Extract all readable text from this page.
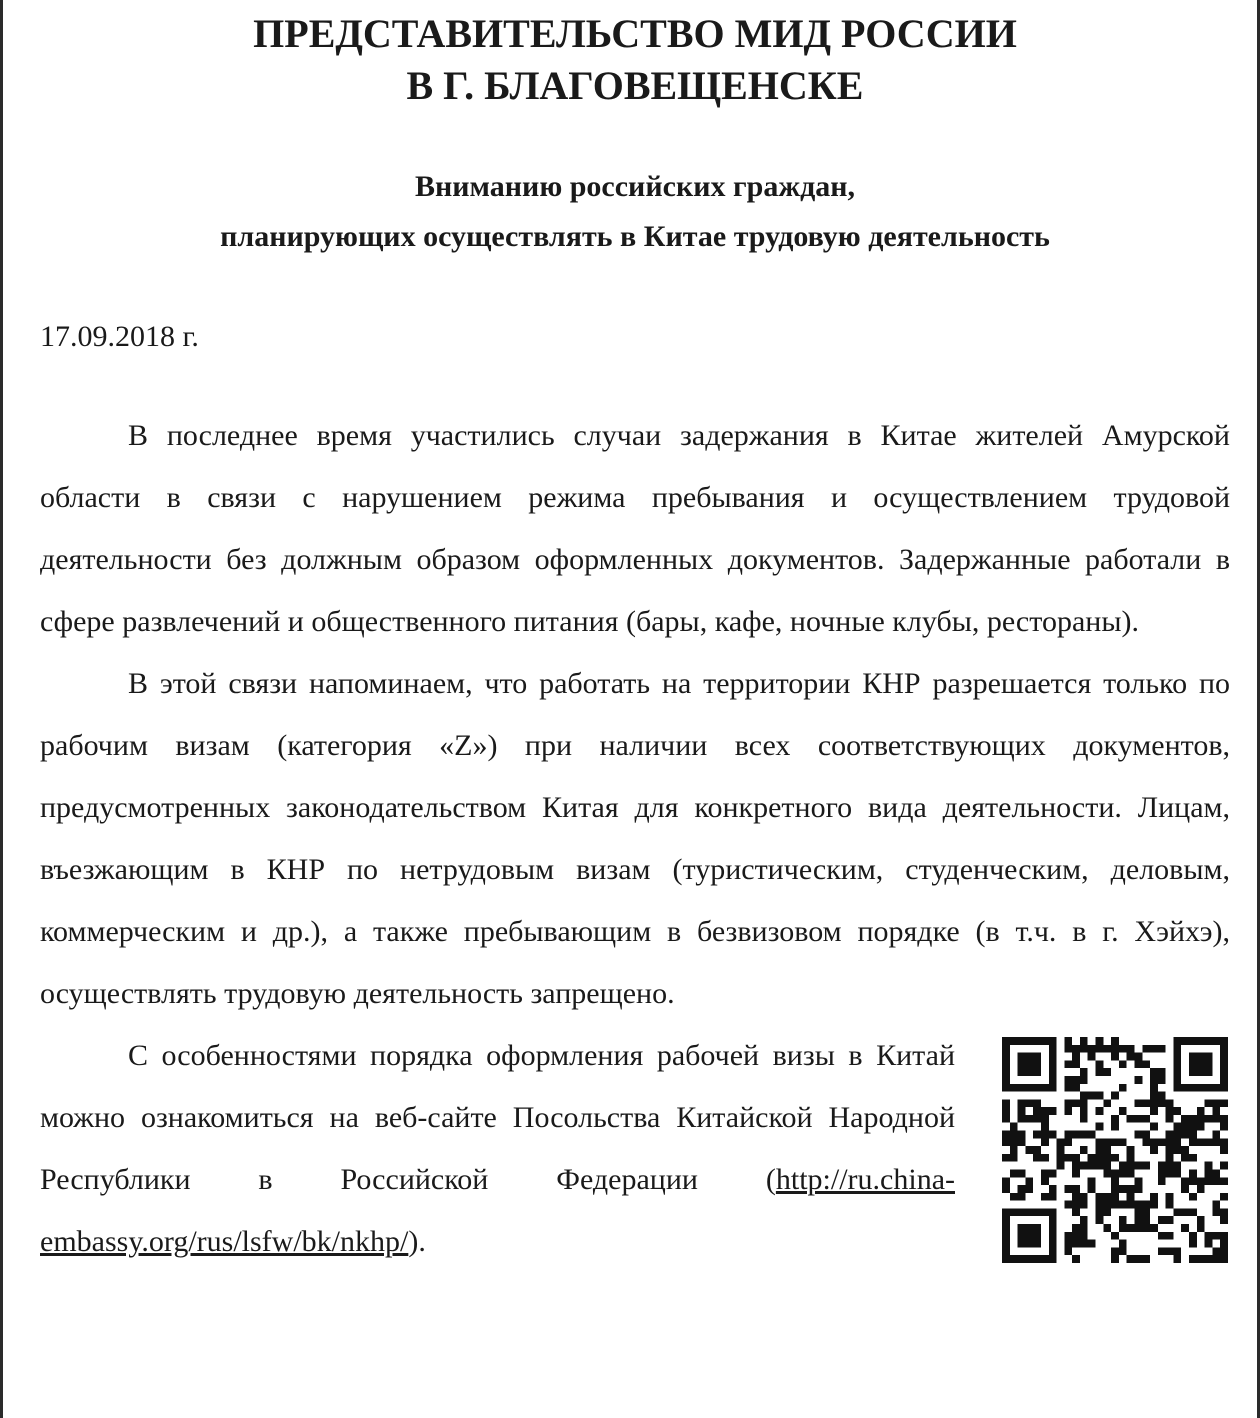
ПРЕДСТАВИТЕЛЬСТВО МИД РОССИИ
В Г. БЛАГОВЕЩЕНСКЕ
Вниманию российских граждан,
планирующих осуществлять в Китае трудовую деятельность
17.09.2018 г.

В последнее время участились случаи задержания в Китае жителей Амурской области в связи с нарушением режима пребывания и осуществлением трудовой деятельности без должным образом оформленных документов. Задержанные работали в сфере развлечений и общественного питания (бары, кафе, ночные клубы, рестораны).

В этой связи напоминаем, что работать на территории КНР разрешается только по рабочим визам (категория «Z») при наличии всех соответствующих документов, предусмотренных законодательством Китая для конкретного вида деятельности. Лицам, въезжающим в КНР по нетрудовым визам (туристическим, студенческим, деловым, коммерческим и др.), а также пребывающим в безвизовом порядке (в т.ч. в г. Хэйхэ), осуществлять трудовую деятельность запрещено.

С особенностями порядка оформления рабочей визы в Китай можно ознакомиться на веб-сайте Посольства Китайской Народной Республики в Российской Федерации (http://ru.china-embassy.org/rus/lsfw/bk/nkhp/).
